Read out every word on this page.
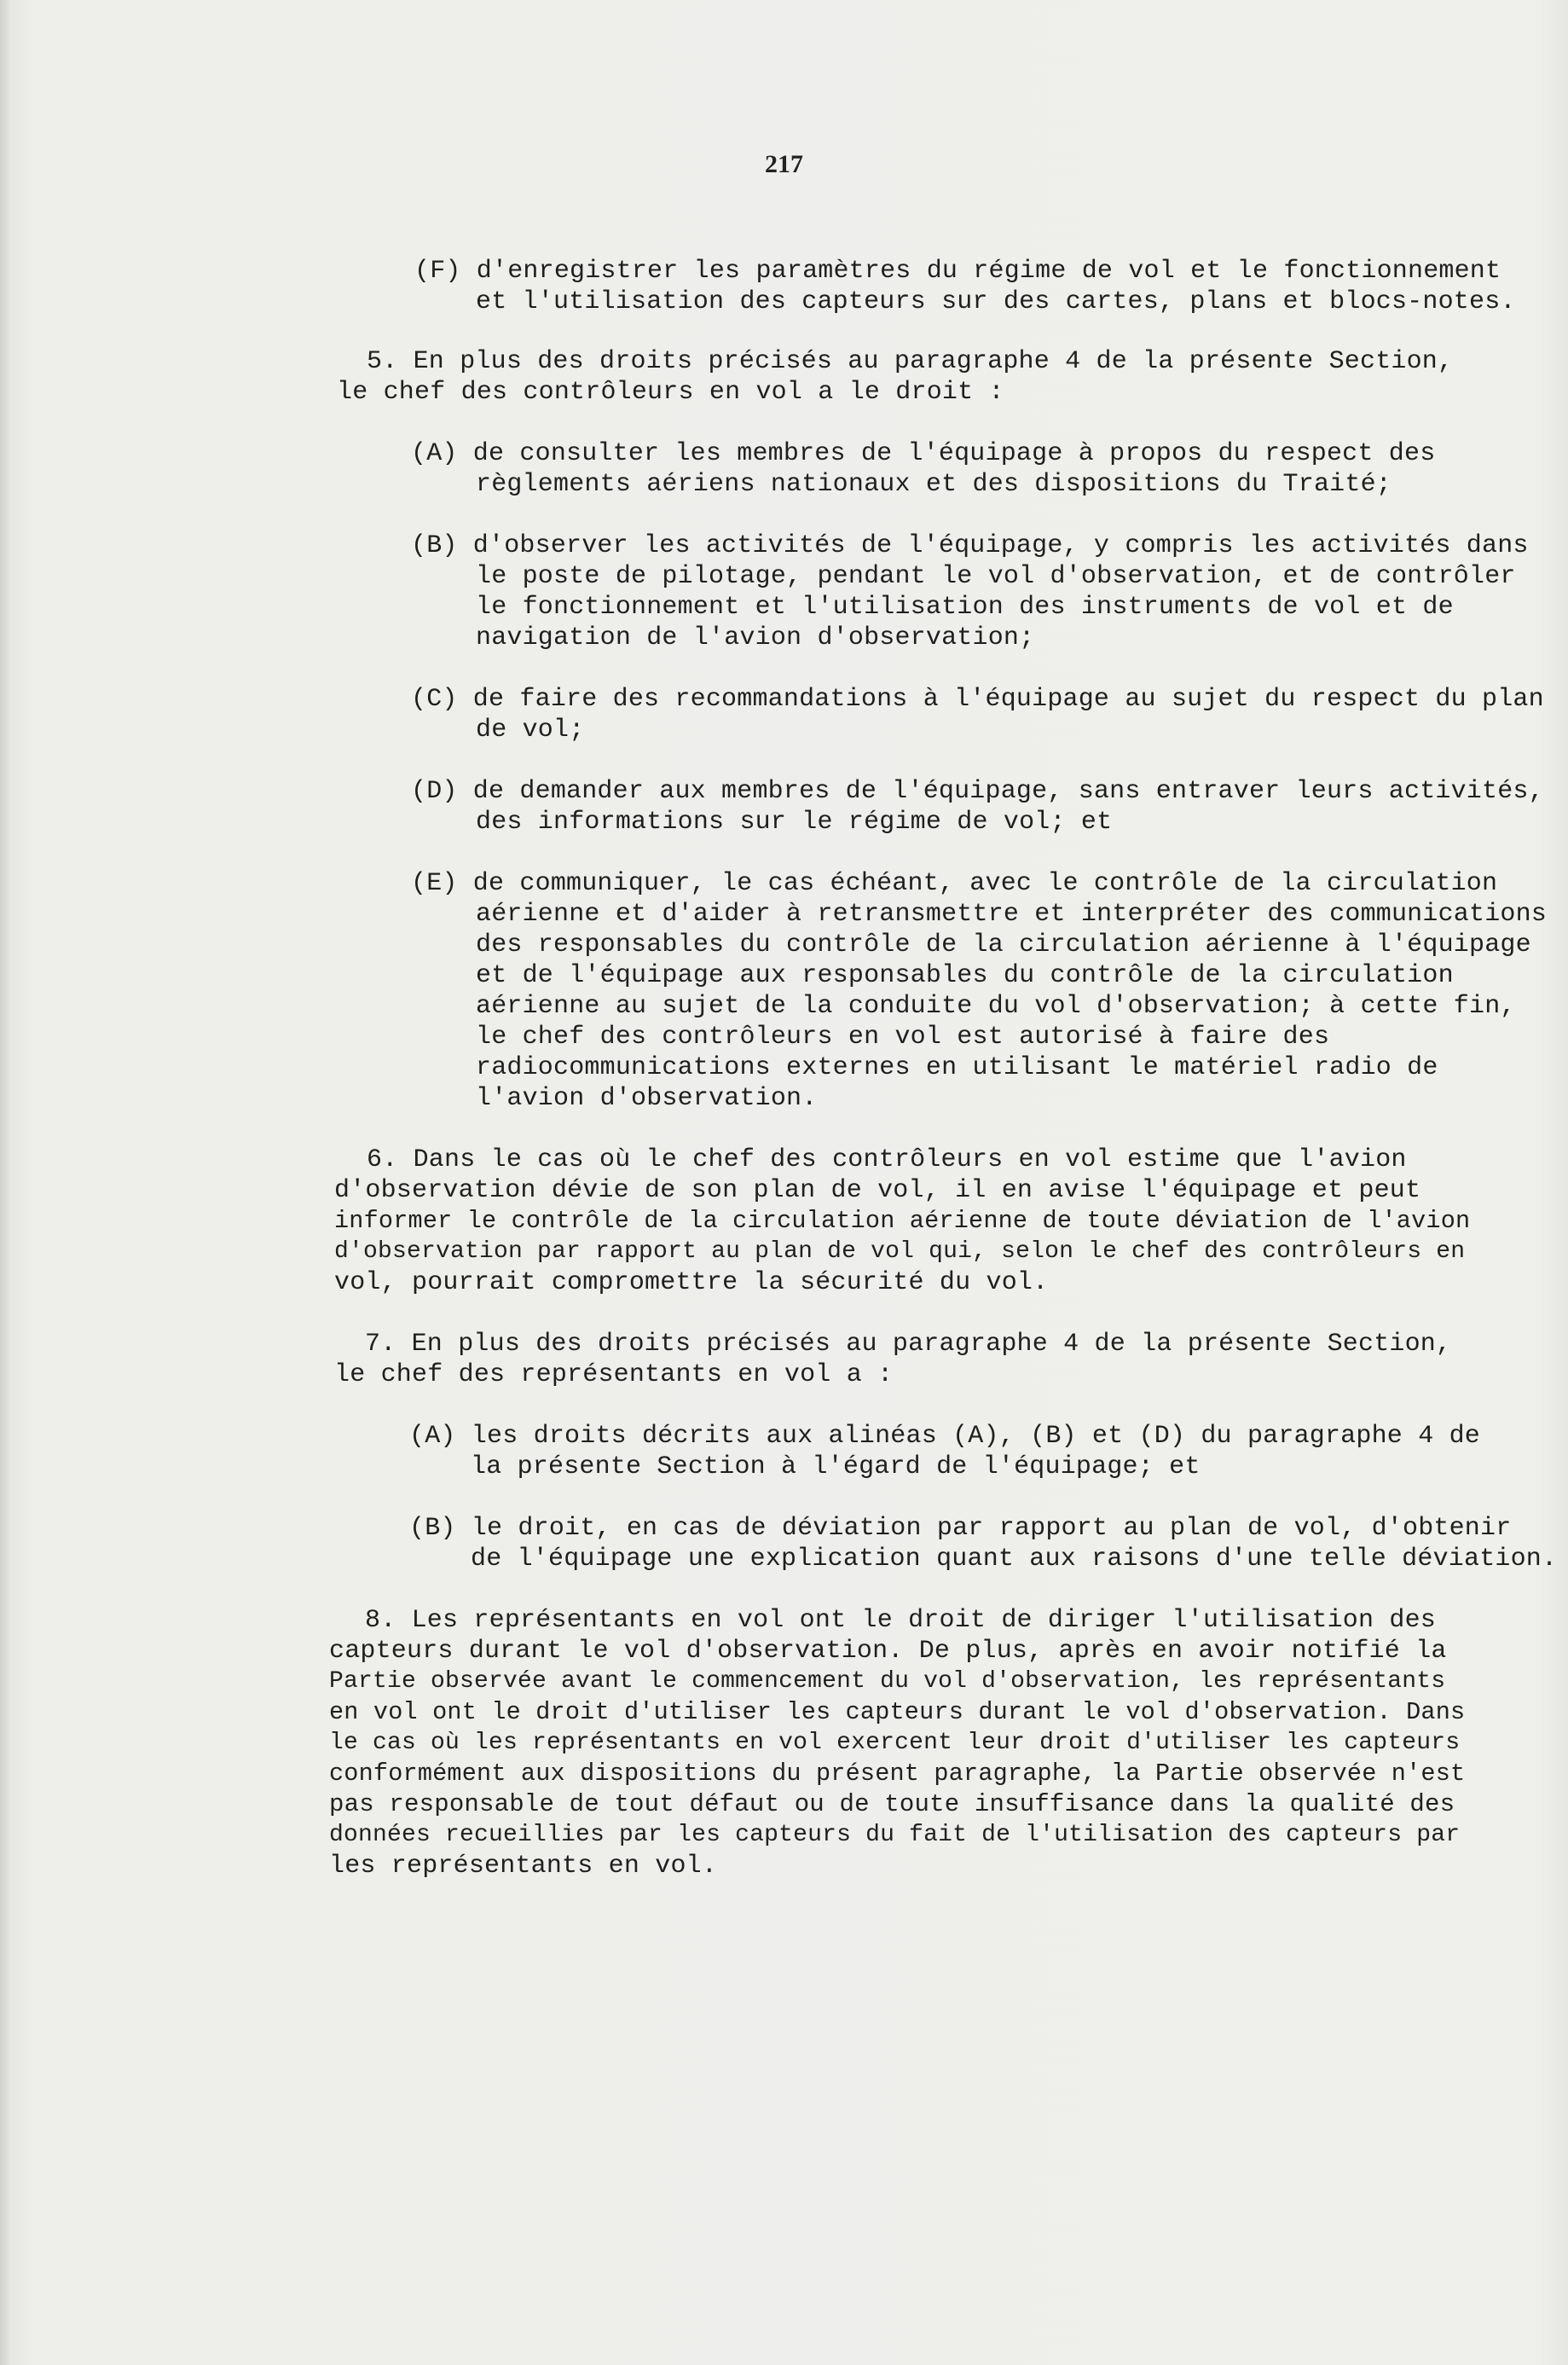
217
(F) d'enregistrer les paramètres du régime de vol et le fonctionnement
et l'utilisation des capteurs sur des cartes, plans et blocs-notes.
5. En plus des droits précisés au paragraphe 4 de la présente Section,
le chef des contrôleurs en vol a le droit :
(A) de consulter les membres de l'équipage à propos du respect des
règlements aériens nationaux et des dispositions du Traité;
(B) d'observer les activités de l'équipage, y compris les activités dans
le poste de pilotage, pendant le vol d'observation, et de contrôler
le fonctionnement et l'utilisation des instruments de vol et de
navigation de l'avion d'observation;
(C) de faire des recommandations à l'équipage au sujet du respect du plan
de vol;
(D) de demander aux membres de l'équipage, sans entraver leurs activités,
des informations sur le régime de vol; et
(E) de communiquer, le cas échéant, avec le contrôle de la circulation
aérienne et d'aider à retransmettre et interpréter des communications
des responsables du contrôle de la circulation aérienne à l'équipage
et de l'équipage aux responsables du contrôle de la circulation
aérienne au sujet de la conduite du vol d'observation; à cette fin,
le chef des contrôleurs en vol est autorisé à faire des
radiocommunications externes en utilisant le matériel radio de
l'avion d'observation.
6. Dans le cas où le chef des contrôleurs en vol estime que l'avion
d'observation dévie de son plan de vol, il en avise l'équipage et peut
informer le contrôle de la circulation aérienne de toute déviation de l'avion
d'observation par rapport au plan de vol qui, selon le chef des contrôleurs en
vol, pourrait compromettre la sécurité du vol.
7. En plus des droits précisés au paragraphe 4 de la présente Section,
le chef des représentants en vol a :
(A) les droits décrits aux alinéas (A), (B) et (D) du paragraphe 4 de
la présente Section à l'égard de l'équipage; et
(B) le droit, en cas de déviation par rapport au plan de vol, d'obtenir
de l'équipage une explication quant aux raisons d'une telle déviation.
8. Les représentants en vol ont le droit de diriger l'utilisation des
capteurs durant le vol d'observation. De plus, après en avoir notifié la
Partie observée avant le commencement du vol d'observation, les représentants
en vol ont le droit d'utiliser les capteurs durant le vol d'observation. Dans
le cas où les représentants en vol exercent leur droit d'utiliser les capteurs
conformément aux dispositions du présent paragraphe, la Partie observée n'est
pas responsable de tout défaut ou de toute insuffisance dans la qualité des
données recueillies par les capteurs du fait de l'utilisation des capteurs par
les représentants en vol.
